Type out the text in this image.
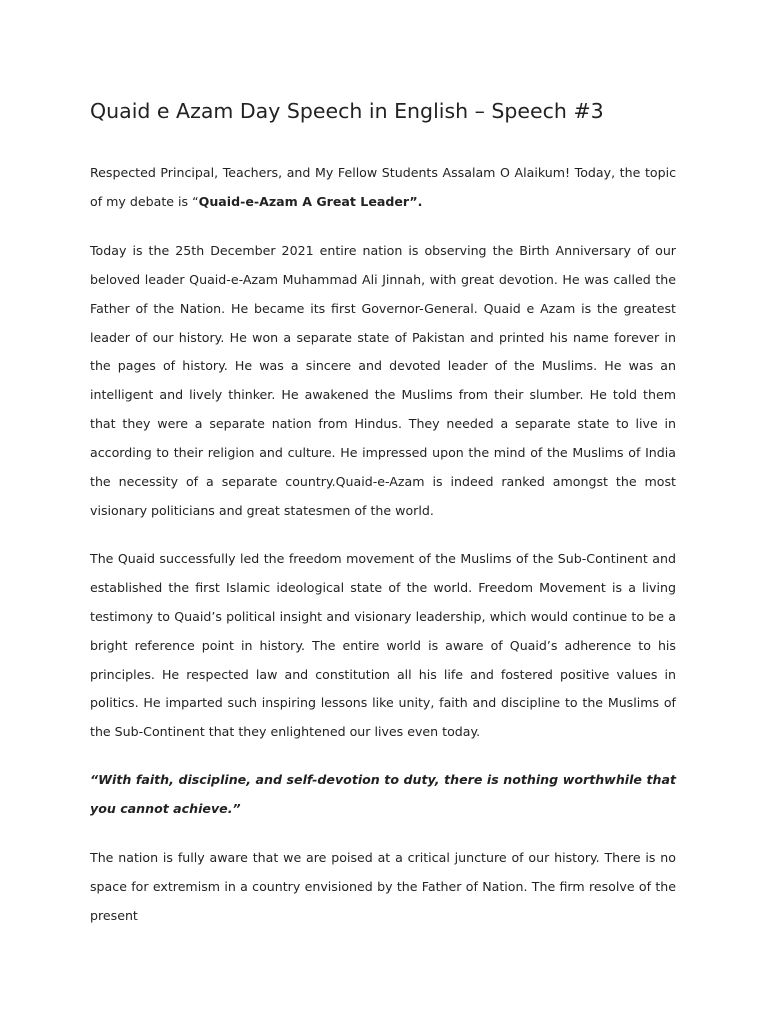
Quaid e Azam Day Speech in English – Speech #3

Respected Principal, Teachers, and My Fellow Students Assalam O Alaikum! Today, the topic of my debate is “Quaid-e-Azam A Great Leader”.

Today is the 25th December 2021 entire nation is observing the Birth Anniversary of our beloved leader Quaid-e-Azam Muhammad Ali Jinnah, with great devotion. He was called the Father of the Nation. He became its first Governor-General. Quaid e Azam is the greatest leader of our history. He won a separate state of Pakistan and printed his name forever in the pages of history. He was a sincere and devoted leader of the Muslims. He was an intelligent and lively thinker. He awakened the Muslims from their slumber. He told them that they were a separate nation from Hindus. They needed a separate state to live in according to their religion and culture. He impressed upon the mind of the Muslims of India the necessity of a separate country.Quaid-e-Azam is indeed ranked amongst the most visionary politicians and great statesmen of the world.

The Quaid successfully led the freedom movement of the Muslims of the Sub-Continent and established the first Islamic ideological state of the world. Freedom Movement is a living testimony to Quaid’s political insight and visionary leadership, which would continue to be a bright reference point in history. The entire world is aware of Quaid’s adherence to his principles. He respected law and constitution all his life and fostered positive values in politics. He imparted such inspiring lessons like unity, faith and discipline to the Muslims of the Sub-Continent that they enlightened our lives even today.

“With faith, discipline, and self-devotion to duty, there is nothing worthwhile that you cannot achieve.”

The nation is fully aware that we are poised at a critical juncture of our history. There is no space for extremism in a country envisioned by the Father of Nation. The firm resolve of the present
